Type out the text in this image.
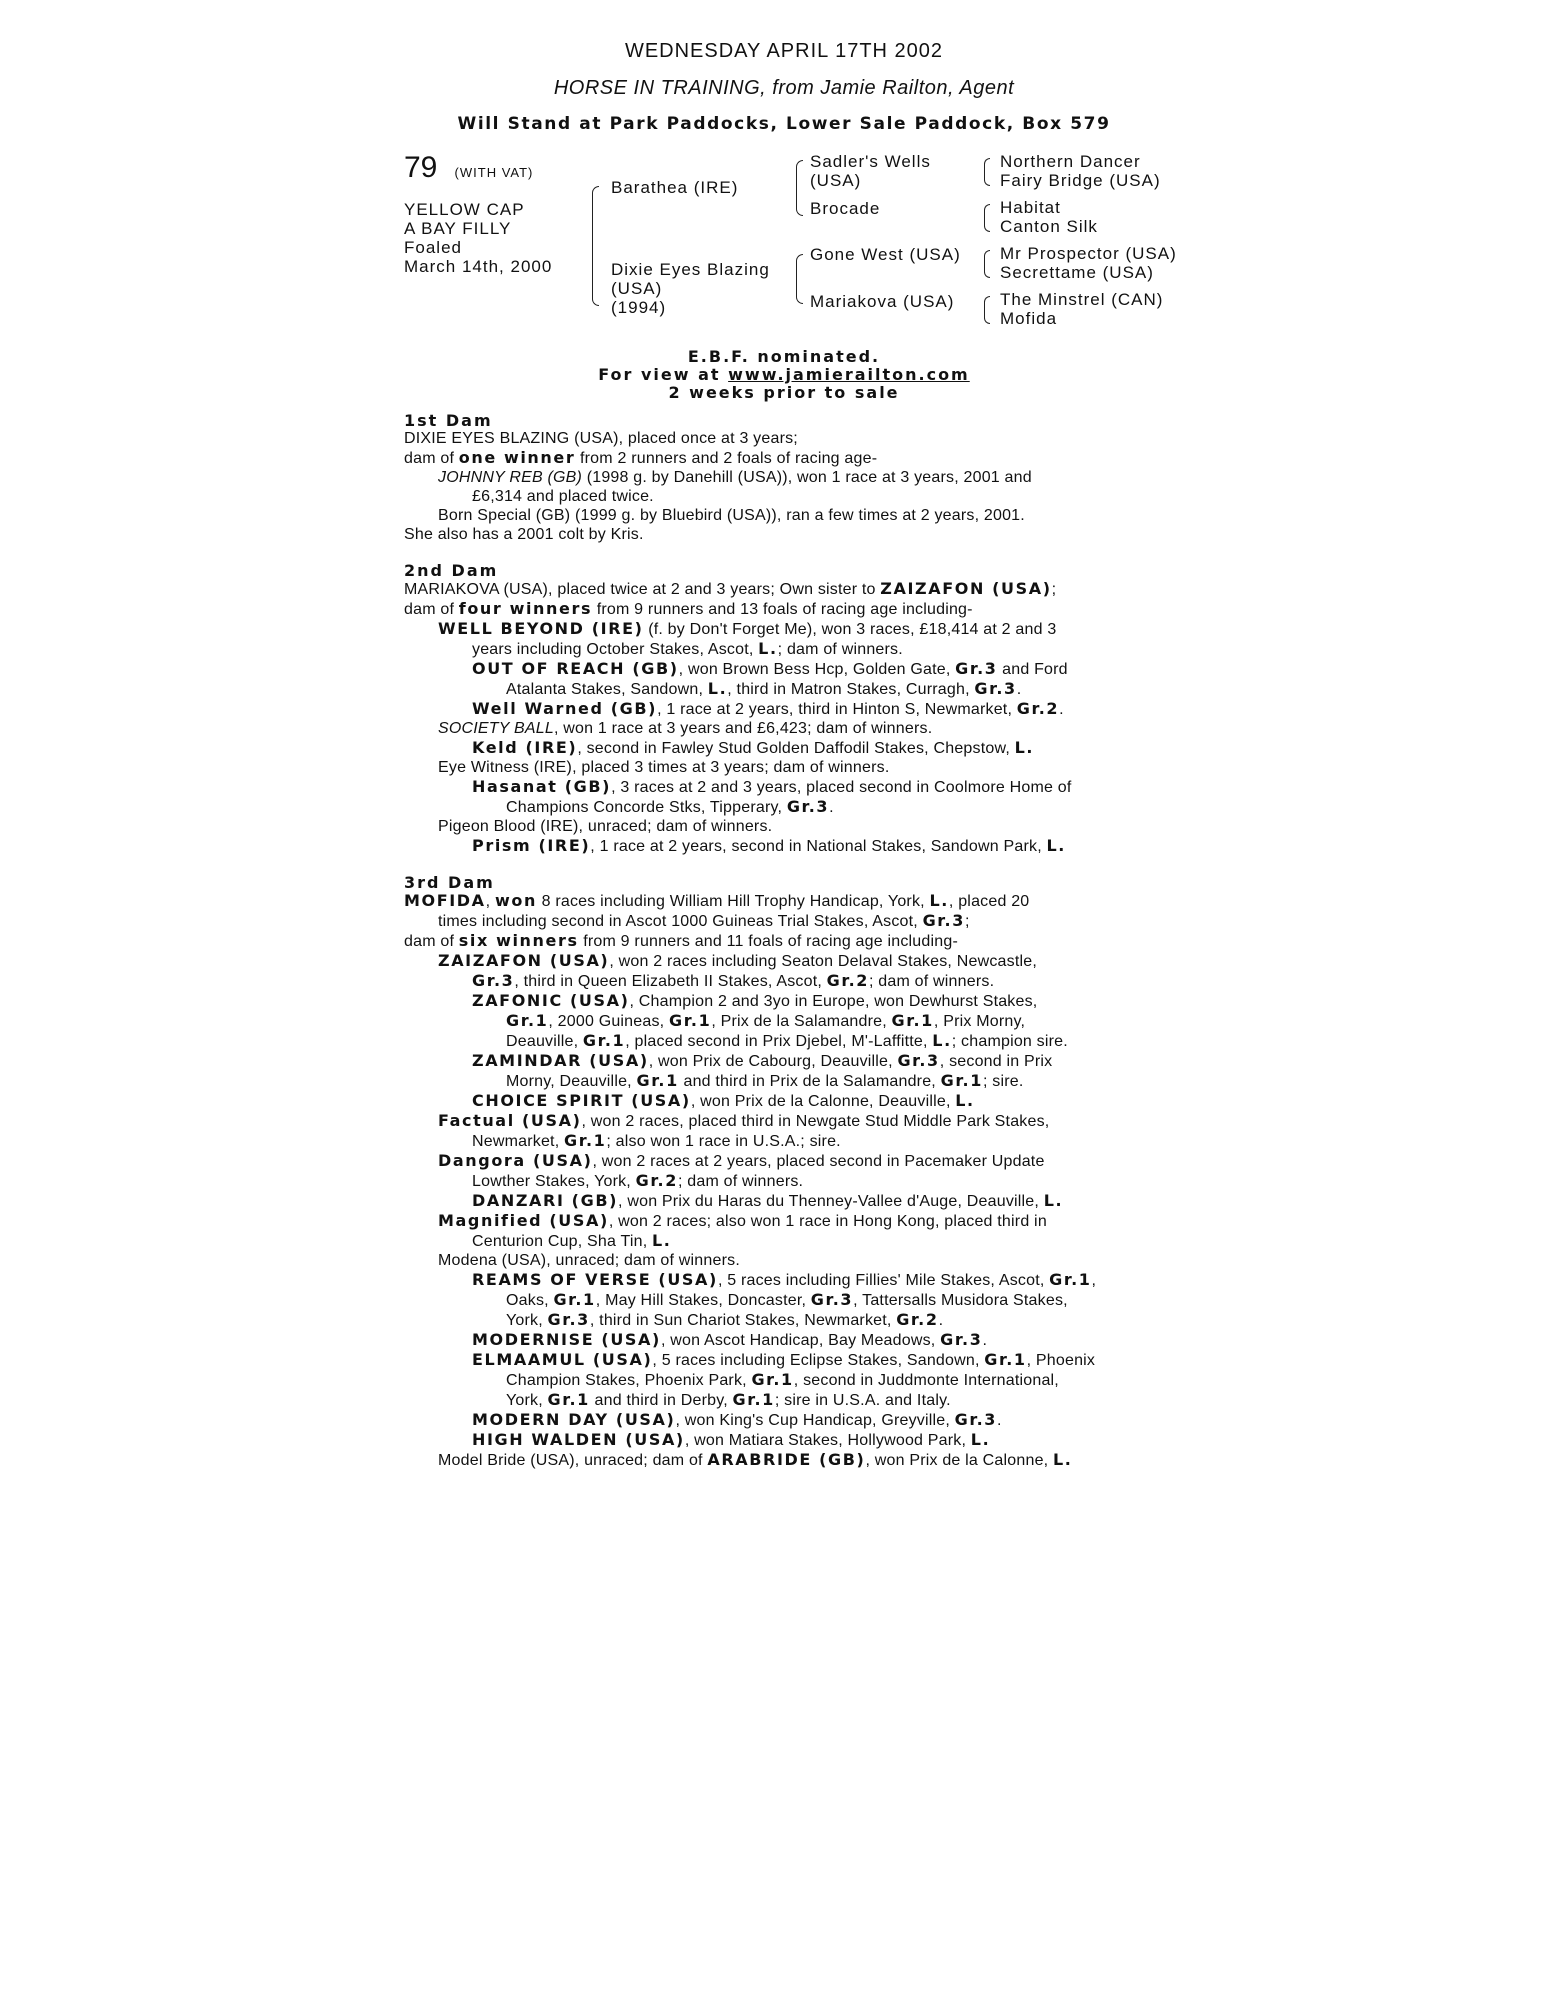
WEDNESDAY APRIL 17TH 2002
HORSE IN TRAINING, from Jamie Railton, Agent
Will Stand at Park Paddocks, Lower Sale Paddock, Box 579
79 (WITH VAT)
YELLOW CAP
A BAY FILLY
Foaled
March 14th, 2000
Barathea (IRE)
Dixie Eyes Blazing
(USA)
(1994)
Sadler's Wells
(USA)
Brocade
Gone West (USA)
Mariakova (USA)
Northern Dancer
Fairy Bridge (USA)
Habitat
Canton Silk
Mr Prospector (USA)
Secrettame (USA)
The Minstrel (CAN)
Mofida
E.B.F. nominated.
For view at www.jamierailton.com
2 weeks prior to sale
1st Dam
DIXIE EYES BLAZING (USA), placed once at 3 years;
dam of one winner from 2 runners and 2 foals of racing age-
JOHNNY REB (GB) (1998 g. by Danehill (USA)), won 1 race at 3 years, 2001 and
£6,314 and placed twice.
Born Special (GB) (1999 g. by Bluebird (USA)), ran a few times at 2 years, 2001.
She also has a 2001 colt by Kris.
2nd Dam
MARIAKOVA (USA), placed twice at 2 and 3 years; Own sister to ZAIZAFON (USA);
dam of four winners from 9 runners and 13 foals of racing age including-
WELL BEYOND (IRE) (f. by Don't Forget Me), won 3 races, £18,414 at 2 and 3
years including October Stakes, Ascot, L.; dam of winners.
OUT OF REACH (GB), won Brown Bess Hcp, Golden Gate, Gr.3 and Ford
Atalanta Stakes, Sandown, L., third in Matron Stakes, Curragh, Gr.3.
Well Warned (GB), 1 race at 2 years, third in Hinton S, Newmarket, Gr.2.
SOCIETY BALL, won 1 race at 3 years and £6,423; dam of winners.
Keld (IRE), second in Fawley Stud Golden Daffodil Stakes, Chepstow, L.
Eye Witness (IRE), placed 3 times at 3 years; dam of winners.
Hasanat (GB), 3 races at 2 and 3 years, placed second in Coolmore Home of
Champions Concorde Stks, Tipperary, Gr.3.
Pigeon Blood (IRE), unraced; dam of winners.
Prism (IRE), 1 race at 2 years, second in National Stakes, Sandown Park, L.
3rd Dam
MOFIDA, won 8 races including William Hill Trophy Handicap, York, L., placed 20
times including second in Ascot 1000 Guineas Trial Stakes, Ascot, Gr.3;
dam of six winners from 9 runners and 11 foals of racing age including-
ZAIZAFON (USA), won 2 races including Seaton Delaval Stakes, Newcastle,
Gr.3, third in Queen Elizabeth II Stakes, Ascot, Gr.2; dam of winners.
ZAFONIC (USA), Champion 2 and 3yo in Europe, won Dewhurst Stakes,
Gr.1, 2000 Guineas, Gr.1, Prix de la Salamandre, Gr.1, Prix Morny,
Deauville, Gr.1, placed second in Prix Djebel, M'-Laffitte, L.; champion sire.
ZAMINDAR (USA), won Prix de Cabourg, Deauville, Gr.3, second in Prix
Morny, Deauville, Gr.1 and third in Prix de la Salamandre, Gr.1; sire.
CHOICE SPIRIT (USA), won Prix de la Calonne, Deauville, L.
Factual (USA), won 2 races, placed third in Newgate Stud Middle Park Stakes,
Newmarket, Gr.1; also won 1 race in U.S.A.; sire.
Dangora (USA), won 2 races at 2 years, placed second in Pacemaker Update
Lowther Stakes, York, Gr.2; dam of winners.
DANZARI (GB), won Prix du Haras du Thenney-Vallee d'Auge, Deauville, L.
Magnified (USA), won 2 races; also won 1 race in Hong Kong, placed third in
Centurion Cup, Sha Tin, L.
Modena (USA), unraced; dam of winners.
REAMS OF VERSE (USA), 5 races including Fillies' Mile Stakes, Ascot, Gr.1,
Oaks, Gr.1, May Hill Stakes, Doncaster, Gr.3, Tattersalls Musidora Stakes,
York, Gr.3, third in Sun Chariot Stakes, Newmarket, Gr.2.
MODERNISE (USA), won Ascot Handicap, Bay Meadows, Gr.3.
ELMAAMUL (USA), 5 races including Eclipse Stakes, Sandown, Gr.1, Phoenix
Champion Stakes, Phoenix Park, Gr.1, second in Juddmonte International,
York, Gr.1 and third in Derby, Gr.1; sire in U.S.A. and Italy.
MODERN DAY (USA), won King's Cup Handicap, Greyville, Gr.3.
HIGH WALDEN (USA), won Matiara Stakes, Hollywood Park, L.
Model Bride (USA), unraced; dam of ARABRIDE (GB), won Prix de la Calonne, L.
